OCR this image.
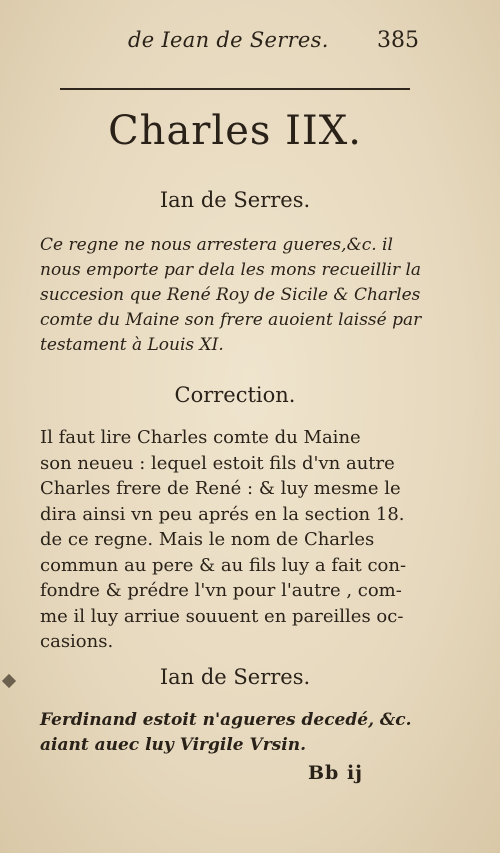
de Iean de Serres. 385
Charles IIX.
Ian de Serres.
Ce regne ne nous arrestera gueres,&c. il
nous emporte par dela les mons recueillir la
succesion que René Roy de Sicile & Charles
comte du Maine son frere auoient laissé par
testament à Louis XI.
Correction.
Il faut lire Charles comte du Maine
son neueu : lequel estoit fils d'vn autre
Charles frere de René : & luy mesme le
dira ainsi vn peu aprés en la section 18.
de ce regne. Mais le nom de Charles
commun au pere & au fils luy a fait con-
fondre & prédre l'vn pour l'autre , com-
me il luy arriue souuent en pareilles oc-
casions.
Ian de Serres.
Ferdinand estoit n'agueres decedé, &c.
aiant auec luy Virgile Vrsin.
Bb ij
